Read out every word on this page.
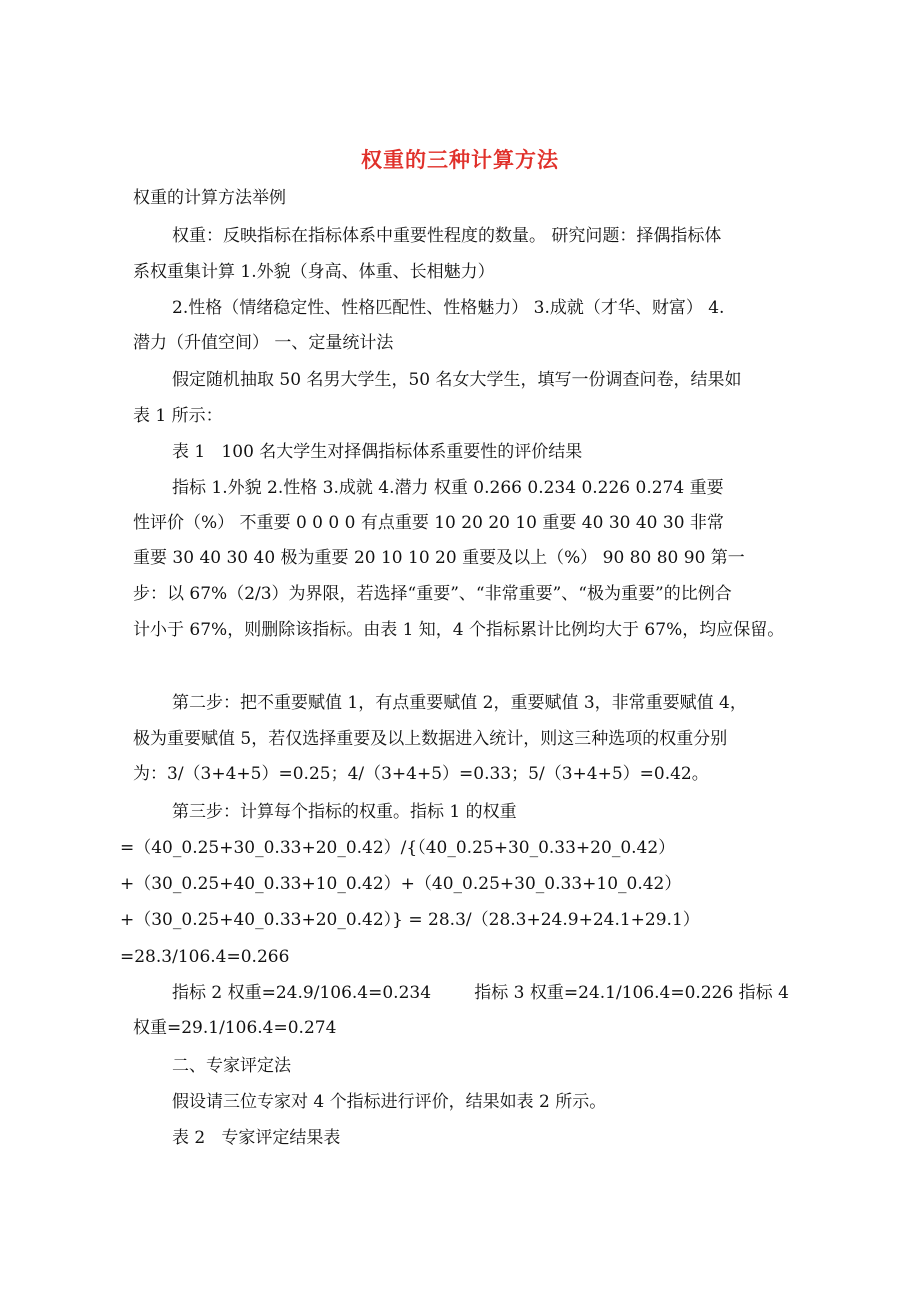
权重的三种计算方法
权重的计算方法举例
权重：反映指标在指标体系中重要性程度的数量。 研究问题：择偶指标体
系权重集计算 1.外貌（身高、体重、长相魅力）
2.性格（情绪稳定性、性格匹配性、性格魅力） 3.成就（才华、财富） 4.
潜力（升值空间） 一、定量统计法
假定随机抽取 50 名男大学生，50 名女大学生，填写一份调查问卷，结果如
表 1 所示：
表 1   100 名大学生对择偶指标体系重要性的评价结果
指标 1.外貌 2.性格 3.成就 4.潜力 权重 0.266 0.234 0.226 0.274 重要
性评价（%） 不重要 0 0 0 0 有点重要 10 20 20 10 重要 40 30 40 30 非常
重要 30 40 30 40 极为重要 20 10 10 20 重要及以上（%） 90 80 80 90 第一
步：以 67%（2/3）为界限，若选择“重要”、“非常重要”、“极为重要”的比例合
计小于 67%，则删除该指标。由表 1 知，4 个指标累计比例均大于 67%，均应保留。
第二步：把不重要赋值 1，有点重要赋值 2，重要赋值 3，非常重要赋值 4，
极为重要赋值 5，若仅选择重要及以上数据进入统计，则这三种选项的权重分别
为：3/（3+4+5）=0.25；4/（3+4+5）=0.33；5/（3+4+5）=0.42。
第三步：计算每个指标的权重。指标 1 的权重
=（40_0.25+30_0.33+20_0.42）/{（40_0.25+30_0.33+20_0.42）
+（30_0.25+40_0.33+10_0.42）+（40_0.25+30_0.33+10_0.42）
+（30_0.25+40_0.33+20_0.42）} = 28.3/（28.3+24.9+24.1+29.1）
=28.3/106.4=0.266
指标 2 权重=24.9/106.4=0.234        指标 3 权重=24.1/106.4=0.226 指标 4
权重=29.1/106.4=0.274
二、专家评定法
假设请三位专家对 4 个指标进行评价，结果如表 2 所示。
表 2   专家评定结果表
